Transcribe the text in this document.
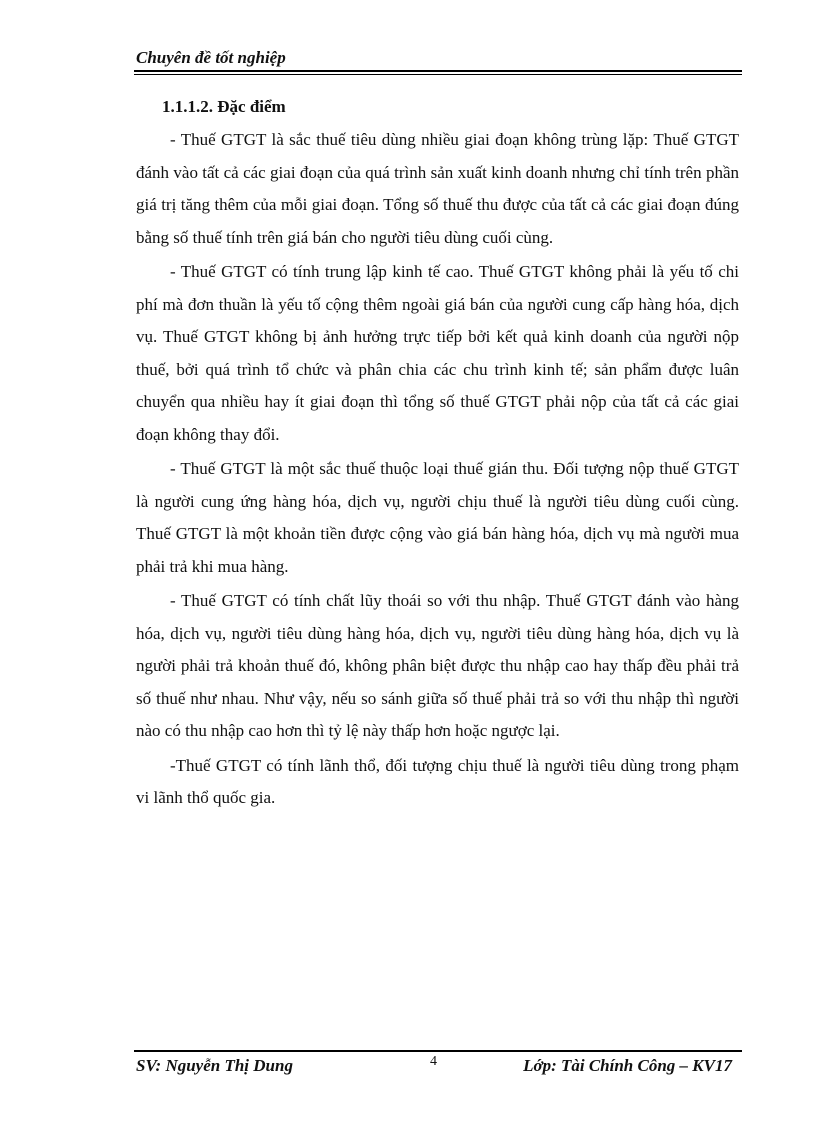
Chuyên đề tốt nghiệp
1.1.1.2. Đặc điểm

- Thuế GTGT là sắc thuế tiêu dùng nhiều giai đoạn không trùng lặp: Thuế GTGT đánh vào tất cả các giai đoạn của quá trình sản xuất kinh doanh nhưng chỉ tính trên phần giá trị tăng thêm của mỗi giai đoạn. Tổng số thuế thu được của tất cả các giai đoạn đúng bằng số thuế tính trên giá bán cho người tiêu dùng cuối cùng.

- Thuế GTGT có tính trung lập kinh tế cao. Thuế GTGT không phải là yếu tố chi phí mà đơn thuần là yếu tố cộng thêm ngoài giá bán của người cung cấp hàng hóa, dịch vụ. Thuế GTGT không bị ảnh hưởng trực tiếp bởi kết quả kinh doanh của người nộp thuế, bởi quá trình tổ chức và phân chia các chu trình kinh tế; sản phẩm được luân chuyển qua nhiều hay ít giai đoạn thì tổng số thuế GTGT phải nộp của tất cả các giai đoạn không thay đổi.

- Thuế GTGT là một sắc thuế thuộc loại thuế gián thu. Đối tượng nộp thuế GTGT là người cung ứng hàng hóa, dịch vụ, người chịu thuế là người tiêu dùng cuối cùng. Thuế GTGT là một khoản tiền được cộng vào giá bán hàng hóa, dịch vụ mà người mua phải trả khi mua hàng.

- Thuế GTGT có tính chất lũy thoái so với thu nhập. Thuế GTGT đánh vào hàng hóa, dịch vụ, người tiêu dùng hàng hóa, dịch vụ, người tiêu dùng hàng hóa, dịch vụ là người phải trả khoản thuế đó, không phân biệt được thu nhập cao hay thấp đều phải trả số thuế như nhau. Như vậy, nếu so sánh giữa số thuế phải trả so với thu nhập thì người nào có thu nhập cao hơn thì tỷ lệ này thấp hơn hoặc ngược lại.

-Thuế GTGT có tính lãnh thổ, đối tượng chịu thuế là người tiêu dùng trong phạm vi lãnh thổ quốc gia.

SV: Nguyễn Thị Dung	4	Lớp: Tài Chính Công – KV17
